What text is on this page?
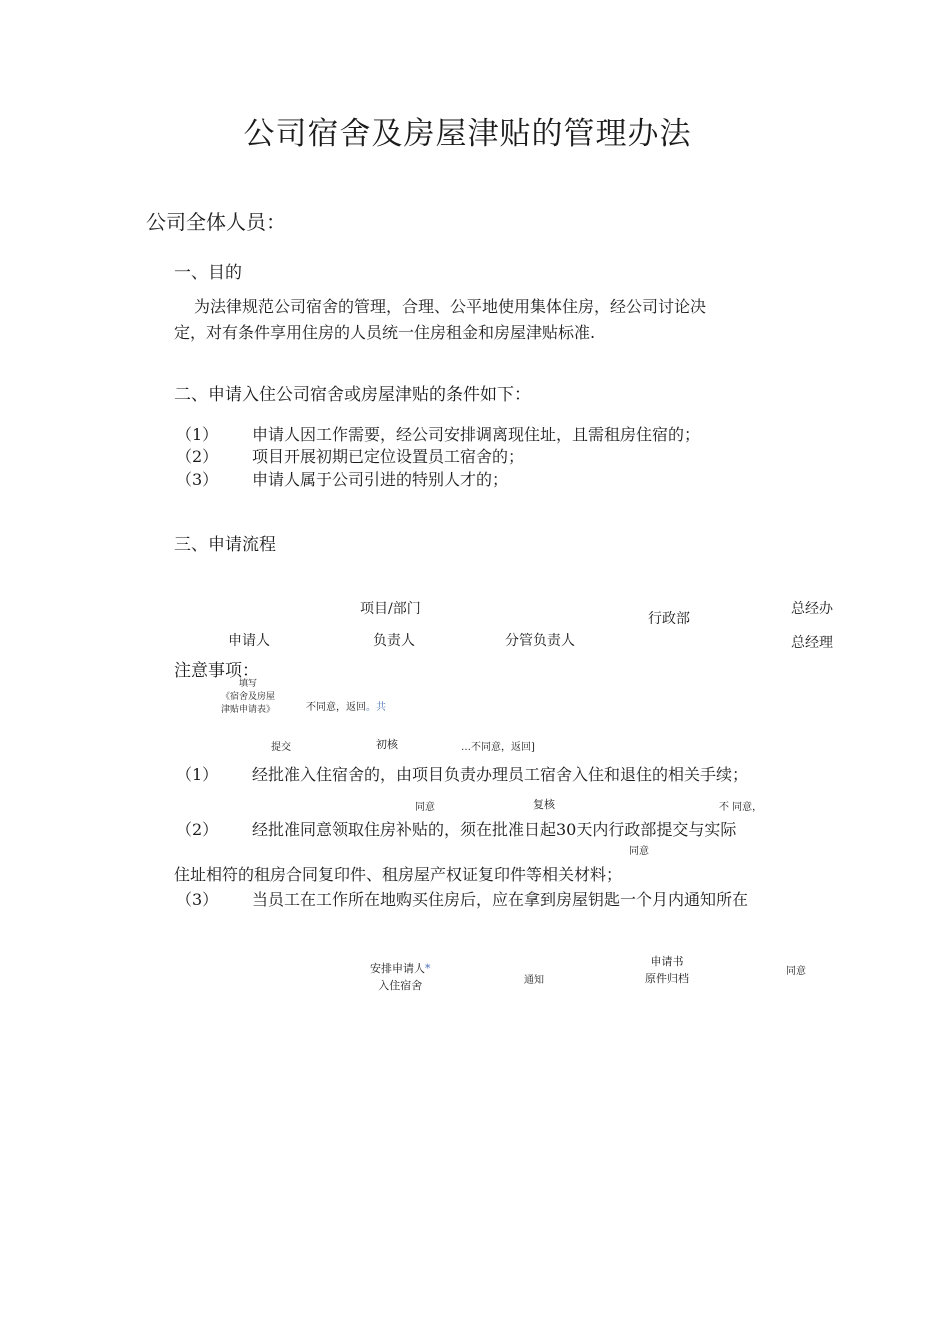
公司宿舍及房屋津贴的管理办法
公司全体人员：
一、目的
为法律规范公司宿舍的管理，合理、公平地使用集体住房，经公司讨论决
定，对有条件享用住房的人员统一住房租金和房屋津贴标准.
二、申请入住公司宿舍或房屋津贴的条件如下：
（1） 申请人因工作需要，经公司安排调离现住址，且需租房住宿的；
（2） 项目开展初期已定位设置员工宿舍的；
（3） 申请人属于公司引进的特别人才的；
三、申请流程
项目/部门
行政部
总经办
申请人	负责人	分管负责人	总经理
注意事项：
填写
《宿舍及房屋
津贴申请表》	不同意，返回。共
提交	初核	…不同意，返回]
（1） 经批准入住宿舍的，由项目负责办理员工宿舍入住和退住的相关手续；
同意	复核	不 同意，
（2） 经批准同意领取住房补贴的，须在批准日起30天内行政部提交与实际
同意
住址相符的租房合同复印件、租房屋产权证复印件等相关材料；
（3） 当员工在工作所在地购买住房后，应在拿到房屋钥匙一个月内通知所在
安排申请人*
入住宿舍	通知
申请书
原件归档
同意
